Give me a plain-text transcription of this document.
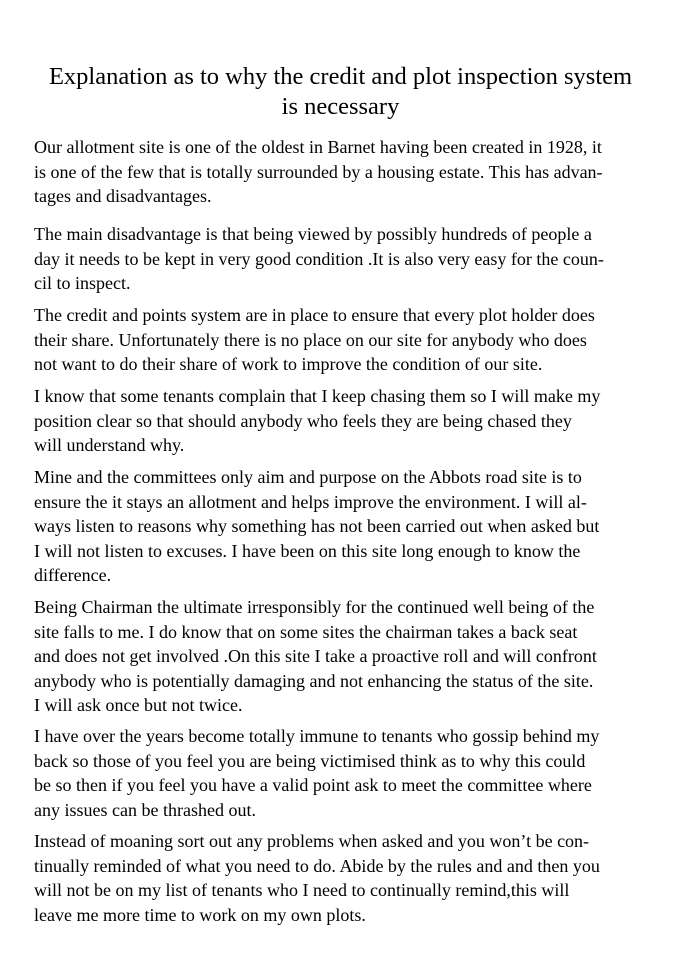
Explanation as to why the credit and plot inspection system
is necessary

Our allotment site is one of the oldest in Barnet having been created in 1928, it
is one of the few that is totally surrounded by a housing estate. This has advan-
tages and disadvantages.

The main disadvantage is that being viewed by possibly hundreds of people a
day it needs to be kept in very good condition .It is also very easy for the coun-
cil to inspect.

The credit and points system are in place to ensure that every plot holder does
their share. Unfortunately there is no place on our site for anybody who does
not want to do their share of work to improve the condition of our site.

I know that some tenants complain that I keep chasing them so I will make my
position clear so that should anybody who feels they are being chased they
will understand why.

Mine and the committees only aim and purpose on the Abbots road site is to
ensure the it stays an allotment and helps improve the environment. I will al-
ways listen to reasons why something has not been carried out when asked but
I will not listen to excuses. I have been on this site long enough to know the
difference.

Being Chairman the ultimate irresponsibly for the continued well being of the
site falls to me. I do know that on some sites the chairman takes a back seat
and does not get involved .On this site I take a proactive roll and will confront
anybody who is potentially damaging and not enhancing the status of the site.
I will ask once but not twice.

I have over the years become totally immune to tenants who gossip behind my
back so those of you feel you are being victimised think as to why this could
be so then if you feel you have a valid point ask to meet the committee where
any issues can be thrashed out.

Instead of moaning sort out any problems when asked and you won’t be con-
tinually reminded of what you need to do. Abide by the rules and and then you
will not be on my list of tenants who I need to continually remind,this will
leave me more time to work on my own plots.
